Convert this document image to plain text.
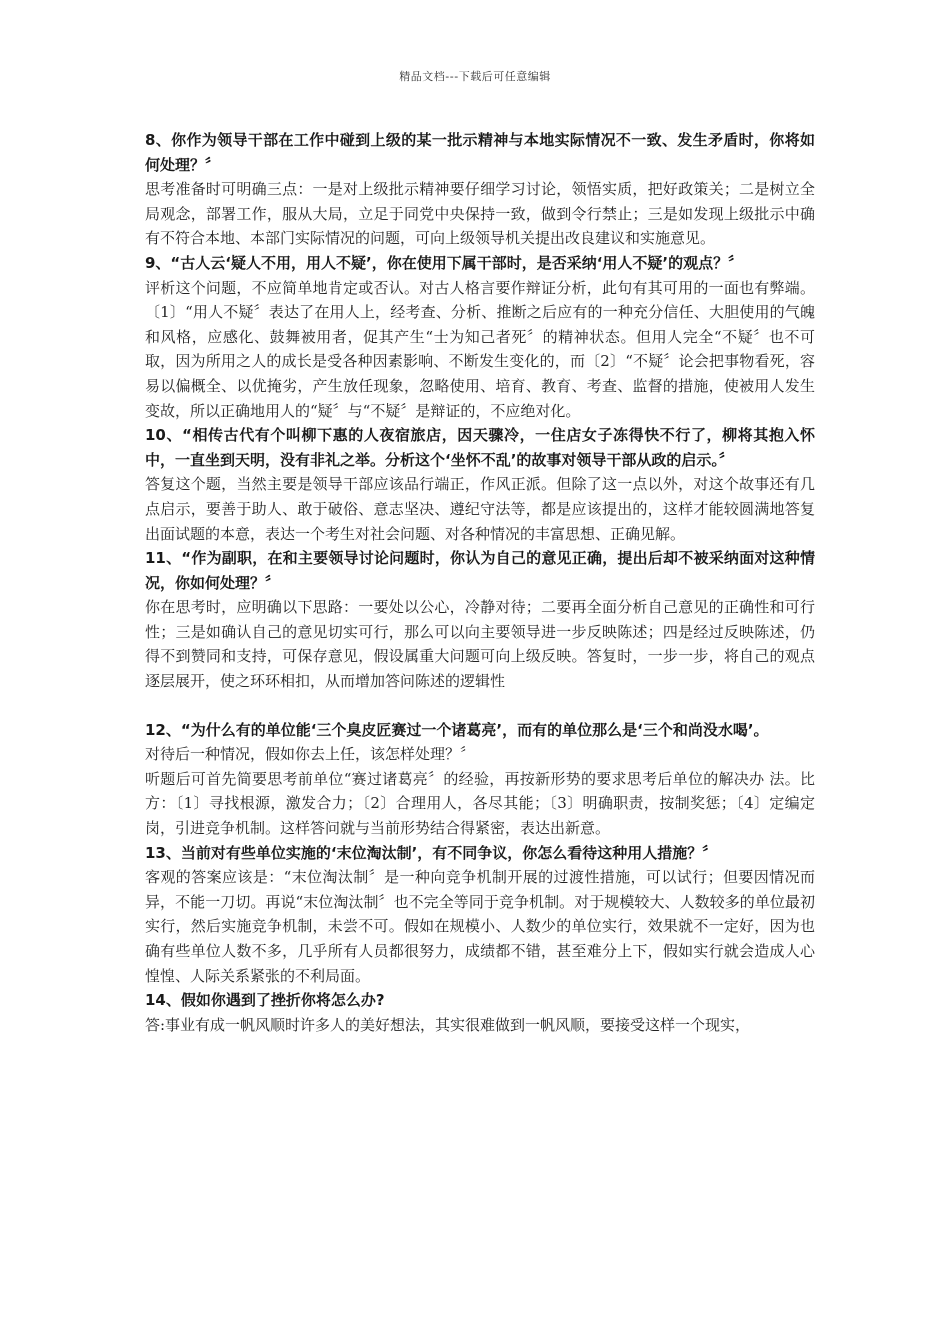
精品文档---下载后可任意编辑

8、你作为领导干部在工作中碰到上级的某一批示精神与本地实际情况不一致、发生矛盾时，你将如何处理？〞

思考准备时可明确三点：一是对上级批示精神要仔细学习讨论，领悟实质，把好政策关；二是树立全局观念，部署工作，服从大局，立足于同党中央保持一致，做到令行禁止；三是如发现上级批示中确有不符合本地、本部门实际情况的问题，可向上级领导机关提出改良建议和实施意见。

9、“古人云‘疑人不用，用人不疑’，你在使用下属干部时，是否采纳‘用人不疑’的观点？〞

评析这个问题，不应简单地肯定或否认。对古人格言要作辩证分析，此句有其可用的一面也有弊端。〔1〕“用人不疑〞表达了在用人上，经考查、分析、推断之后应有的一种充分信任、大胆使用的气魄和风格，应感化、鼓舞被用者，促其产生“士为知己者死〞的精神状态。但用人完全“不疑〞也不可取，因为所用之人的成长是受各种因素影响、不断发生变化的，而〔2〕“不疑〞论会把事物看死，容易以偏概全、以优掩劣，产生放任现象，忽略使用、培育、教育、考查、监督的措施，使被用人发生变故，所以正确地用人的“疑〞与“不疑〞是辩证的，不应绝对化。

10、“相传古代有个叫柳下惠的人夜宿旅店，因天骤冷，一住店女子冻得快不行了，柳将其抱入怀中，一直坐到天明，没有非礼之举。分析这个‘坐怀不乱’的故事对领导干部从政的启示。〞

答复这个题，当然主要是领导干部应该品行端正，作风正派。但除了这一点以外，对这个故事还有几点启示，要善于助人、敢于破俗、意志坚决、遵纪守法等，都是应该提出的，这样才能较圆满地答复出面试题的本意，表达一个考生对社会问题、对各种情况的丰富思想、正确见解。

11、“作为副职，在和主要领导讨论问题时，你认为自己的意见正确，提出后却不被采纳面对这种情况，你如何处理？〞

你在思考时，应明确以下思路：一要处以公心，冷静对待；二要再全面分析自己意见的正确性和可行性；三是如确认自己的意见切实可行，那么可以向主要领导进一步反映陈述；四是经过反映陈述，仍得不到赞同和支持，可保存意见，假设属重大问题可向上级反映。答复时，一步一步，将自己的观点逐层展开，使之环环相扣，从而增加答问陈述的逻辑性

12、“为什么有的单位能‘三个臭皮匠赛过一个诸葛亮’，而有的单位那么是‘三个和尚没水喝’。

对待后一种情况，假如你去上任，该怎样处理？〞
听题后可首先简要思考前单位“赛过诸葛亮〞的经验，再按新形势的要求思考后单位的解决办 法。比方：〔1〕寻找根源，激发合力；〔2〕合理用人，各尽其能；〔3〕明确职责，按制奖惩；〔4〕定编定岗，引进竞争机制。这样答问就与当前形势结合得紧密，表达出新意。

13、当前对有些单位实施的‘末位淘汰制’，有不同争议，你怎么看待这种用人措施？〞

客观的答案应该是：“末位淘汰制〞是一种向竞争机制开展的过渡性措施，可以试行；但要因情况而异，不能一刀切。再说“末位淘汰制〞也不完全等同于竞争机制。对于规模较大、人数较多的单位最初实行，然后实施竞争机制，未尝不可。假如在规模小、人数少的单位实行，效果就不一定好，因为也确有些单位人数不多，几乎所有人员都很努力，成绩都不错，甚至难分上下，假如实行就会造成人心惶惶、人际关系紧张的不利局面。

14、假如你遇到了挫折你将怎么办?

答:事业有成一帆风顺时许多人的美好想法，其实很难做到一帆风顺，要接受这样一个现实，
